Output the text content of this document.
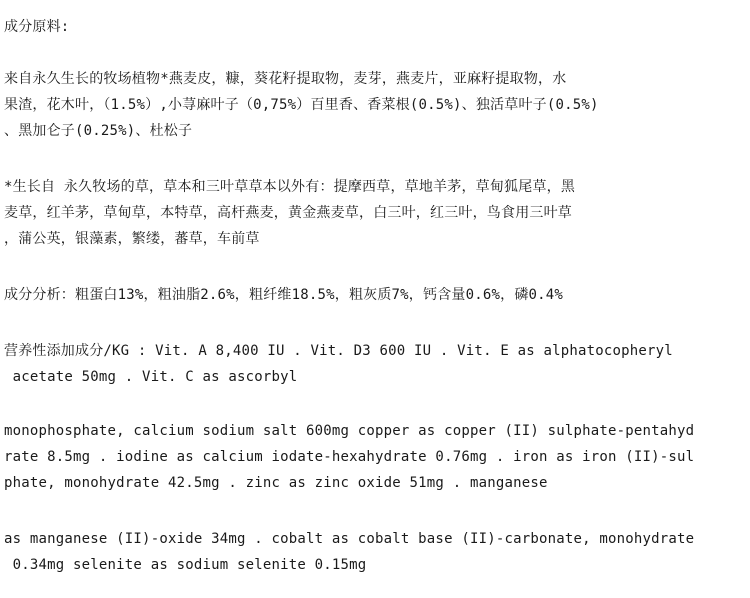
成分原料:
来自永久生长的牧场植物*燕麦皮，糠，葵花籽提取物，麦芽，燕麦片，亚麻籽提取物，水
果渣，花木叶，（1.5%）,小荨麻叶子（0,75%）百里香、香菜根(0.5%)、独活草叶子(0.5%)
、黑加仑子(0.25%)、杜松子
*生长自 永久牧场的草，草本和三叶草草本以外有：提摩西草，草地羊茅，草甸狐尾草，黑
麦草，红羊茅，草甸草，本特草，高杆燕麦，黄金燕麦草，白三叶，红三叶，鸟食用三叶草
，蒲公英，银藻素，繁缕，蕃草，车前草
成分分析：粗蛋白13%，粗油脂2.6%，粗纤维18.5%，粗灰质7%，钙含量0.6%，磷0.4%
营养性添加成分/KG : Vit. A 8,400 IU . Vit. D3 600 IU . Vit. E as alphatocopheryl
acetate 50mg . Vit. C as ascorbyl
monophosphate, calcium sodium salt 600mg copper as copper (II) sulphate-pentahyd
rate 8.5mg . iodine as calcium iodate-hexahydrate 0.76mg . iron as iron (II)-sul
phate, monohydrate 42.5mg . zinc as zinc oxide 51mg . manganese
as manganese (II)-oxide 34mg . cobalt as cobalt base (II)-carbonate, monohydrate
0.34mg selenite as sodium selenite 0.15mg
